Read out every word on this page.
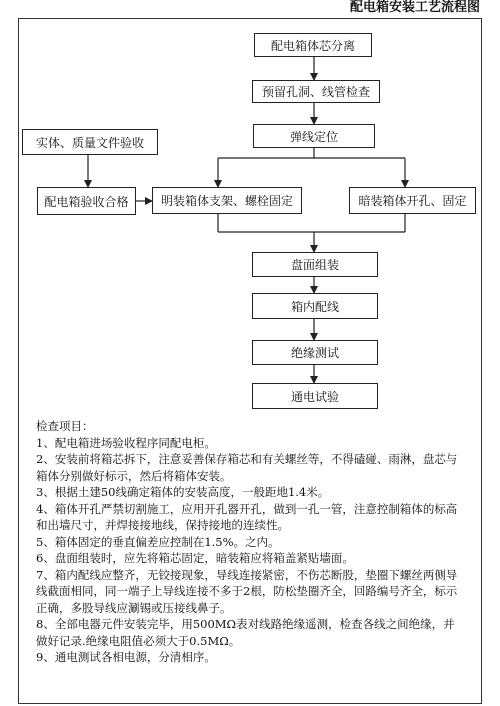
配电箱安装工艺流程图
配电箱体芯分离
预留孔洞、线管检查
弹线定位
实体、质量文件验收
配电箱验收合格	明装箱体支架、螺栓固定	暗装箱体开孔、固定
盘面组装
箱内配线
绝缘测试
通电试验
检查项目：
1、配电箱进场验收程序同配电柜。
2、安装前将箱芯拆下，注意妥善保存箱芯和有关螺丝等，不得磕碰、雨淋，盘芯与箱体分别做好标示，然后将箱体安装。
3、根据土建50线确定箱体的安装高度，一般距地1.4米。
4、箱体开孔严禁切割施工，应用开孔器开孔，做到一孔一管，注意控制箱体的标高和出墙尺寸，并焊接接地线，保持接地的连续性。
5、箱体固定的垂直偏差应控制在1.5%。之内。
6、盘面组装时，应先将箱芯固定，暗装箱应将箱盖紧贴墙面。
7、箱内配线应整齐，无铰接现象，导线连接紧密，不伤芯断股，垫圈下螺丝两侧导线截面相同，同一端子上导线连接不多于2根，防松垫圈齐全，回路编号齐全，标示正确，多股导线应涮锡或压接线鼻子。
8、全部电器元件安装完毕，用500MΩ表对线路绝缘遥测，检查各线之间绝缘，并做好记录.绝缘电阻值必须大于0.5MΩ。
9、通电测试各相电源，分清相序。
